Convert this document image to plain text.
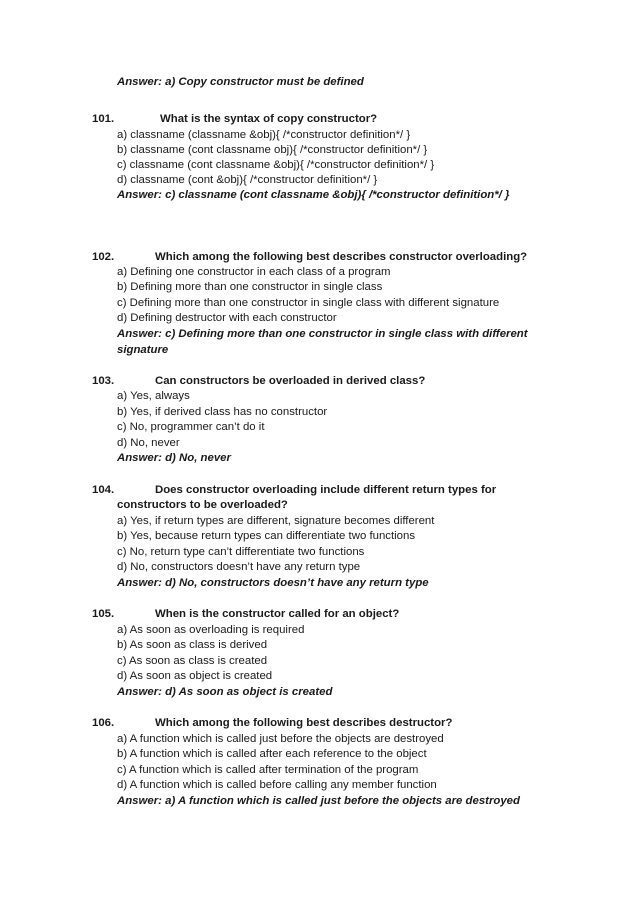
Answer: a) Copy constructor must be defined
101.	What is the syntax of copy constructor?
a) classname (classname &obj){ /*constructor definition*/ }
b) classname (cont classname obj){ /*constructor definition*/ }
c) classname (cont classname &obj){ /*constructor definition*/ }
d) classname (cont &obj){ /*constructor definition*/ }
Answer: c) classname (cont classname &obj){ /*constructor definition*/ }
102.	Which among the following best describes constructor overloading?
a) Defining one constructor in each class of a program
b) Defining more than one constructor in single class
c) Defining more than one constructor in single class with different signature
d) Defining destructor with each constructor
Answer: c) Defining more than one constructor in single class with different
signature
103.	Can constructors be overloaded in derived class?
a) Yes, always
b) Yes, if derived class has no constructor
c) No, programmer can’t do it
d) No, never
Answer: d) No, never
104.	Does constructor overloading include different return types for
constructors to be overloaded?
a) Yes, if return types are different, signature becomes different
b) Yes, because return types can differentiate two functions
c) No, return type can’t differentiate two functions
d) No, constructors doesn’t have any return type
Answer: d) No, constructors doesn’t have any return type
105.	When is the constructor called for an object?
a) As soon as overloading is required
b) As soon as class is derived
c) As soon as class is created
d) As soon as object is created
Answer: d) As soon as object is created
106.	Which among the following best describes destructor?
a) A function which is called just before the objects are destroyed
b) A function which is called after each reference to the object
c) A function which is called after termination of the program
d) A function which is called before calling any member function
Answer: a) A function which is called just before the objects are destroyed
